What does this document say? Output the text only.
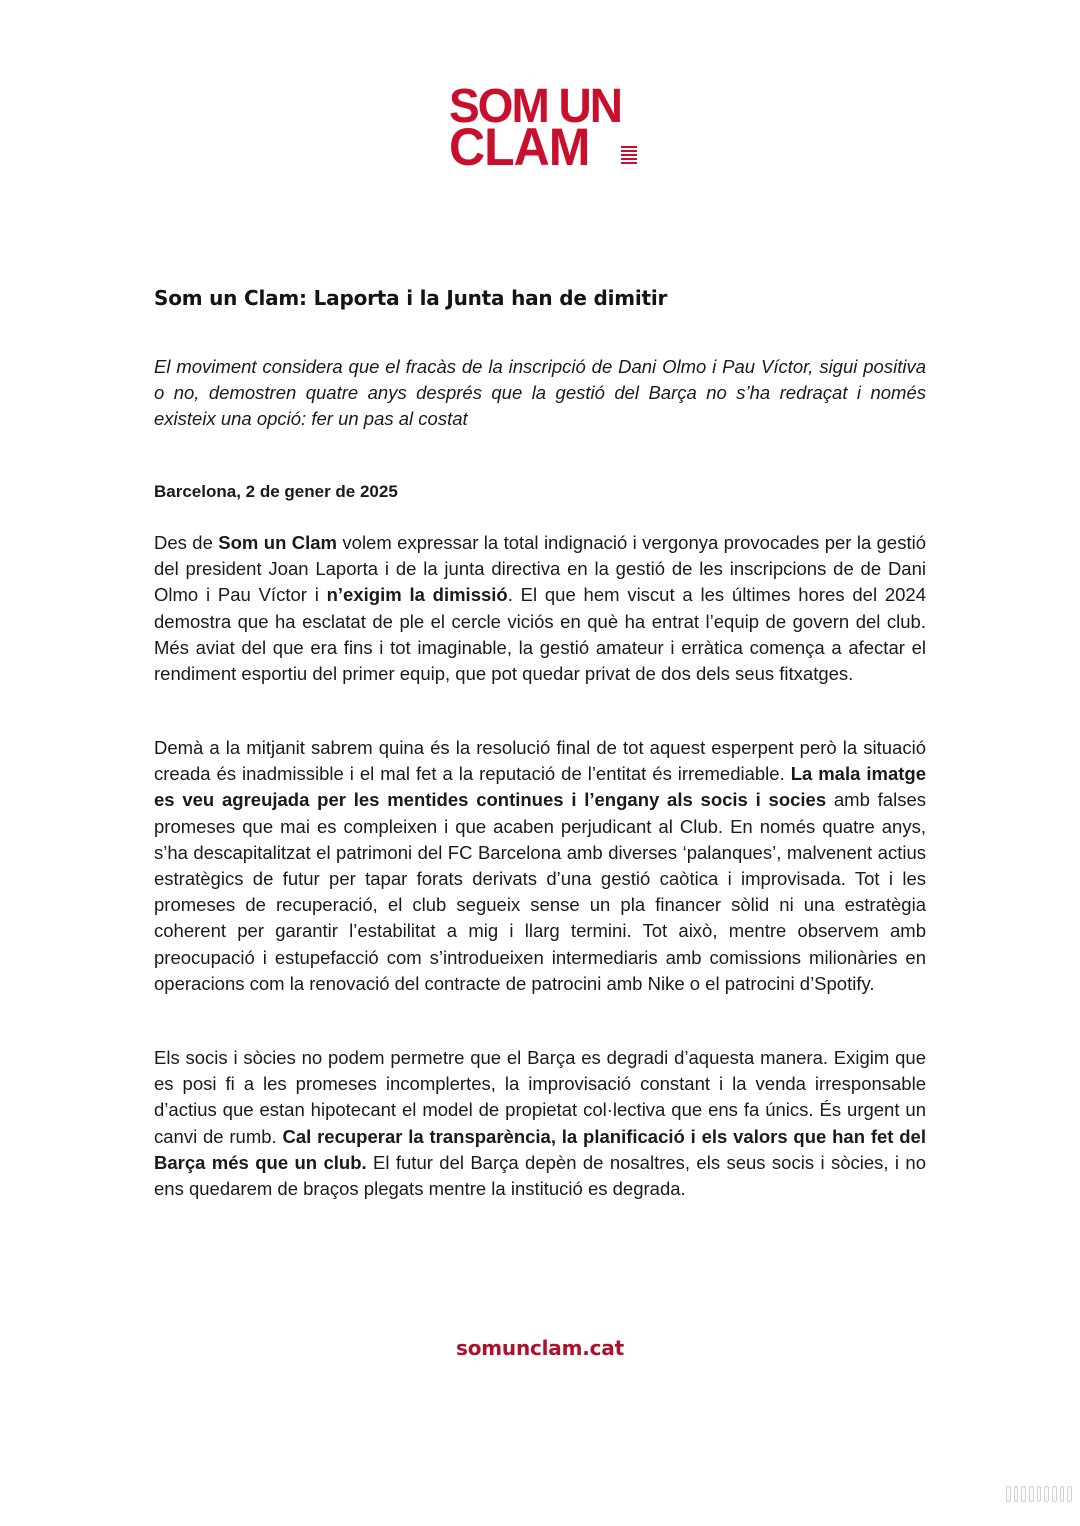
SOM UN
CLAM
Som un Clam: Laporta i la Junta han de dimitir

El moviment considera que el fracàs de la inscripció de Dani Olmo i Pau Víctor, sigui positiva o no, demostren quatre anys després que la gestió del Barça no s’ha redraçat i només existeix una opció: fer un pas al costat

Barcelona, 2 de gener de 2025

Des de Som un Clam volem expressar la total indignació i vergonya provocades per la gestió del president Joan Laporta i de la junta directiva en la gestió de les inscripcions de de Dani Olmo i Pau Víctor i n’exigim la dimissió. El que hem viscut a les últimes hores del 2024 demostra que ha esclatat de ple el cercle viciós en què ha entrat l’equip de govern del club. Més aviat del que era fins i tot imaginable, la gestió amateur i erràtica comença a afectar el rendiment esportiu del primer equip, que pot quedar privat de dos dels seus fitxatges.

Demà a la mitjanit sabrem quina és la resolució final de tot aquest esperpent però la situació creada és inadmissible i el mal fet a la reputació de l’entitat és irremediable. La mala imatge es veu agreujada per les mentides continues i l’engany als socis i socies amb falses promeses que mai es compleixen i que acaben perjudicant al Club. En només quatre anys, s’ha descapitalitzat el patrimoni del FC Barcelona amb diverses ‘palanques’, malvenent actius estratègics de futur per tapar forats derivats d’una gestió caòtica i improvisada. Tot i les promeses de recuperació, el club segueix sense un pla financer sòlid ni una estratègia coherent per garantir l’estabilitat a mig i llarg termini. Tot això, mentre observem amb preocupació i estupefacció com s’introdueixen intermediaris amb comissions milionàries en operacions com la renovació del contracte de patrocini amb Nike o el patrocini d’Spotify.

Els socis i sòcies no podem permetre que el Barça es degradi d’aquesta manera. Exigim que es posi fi a les promeses incomplertes, la improvisació constant i la venda irresponsable d’actius que estan hipotecant el model de propietat col·lectiva que ens fa únics. És urgent un canvi de rumb. Cal recuperar la transparència, la planificació i els valors que han fet del Barça més que un club. El futur del Barça depèn de nosaltres, els seus socis i sòcies, i no ens quedarem de braços plegats mentre la institució es degrada.

somunclam.cat
